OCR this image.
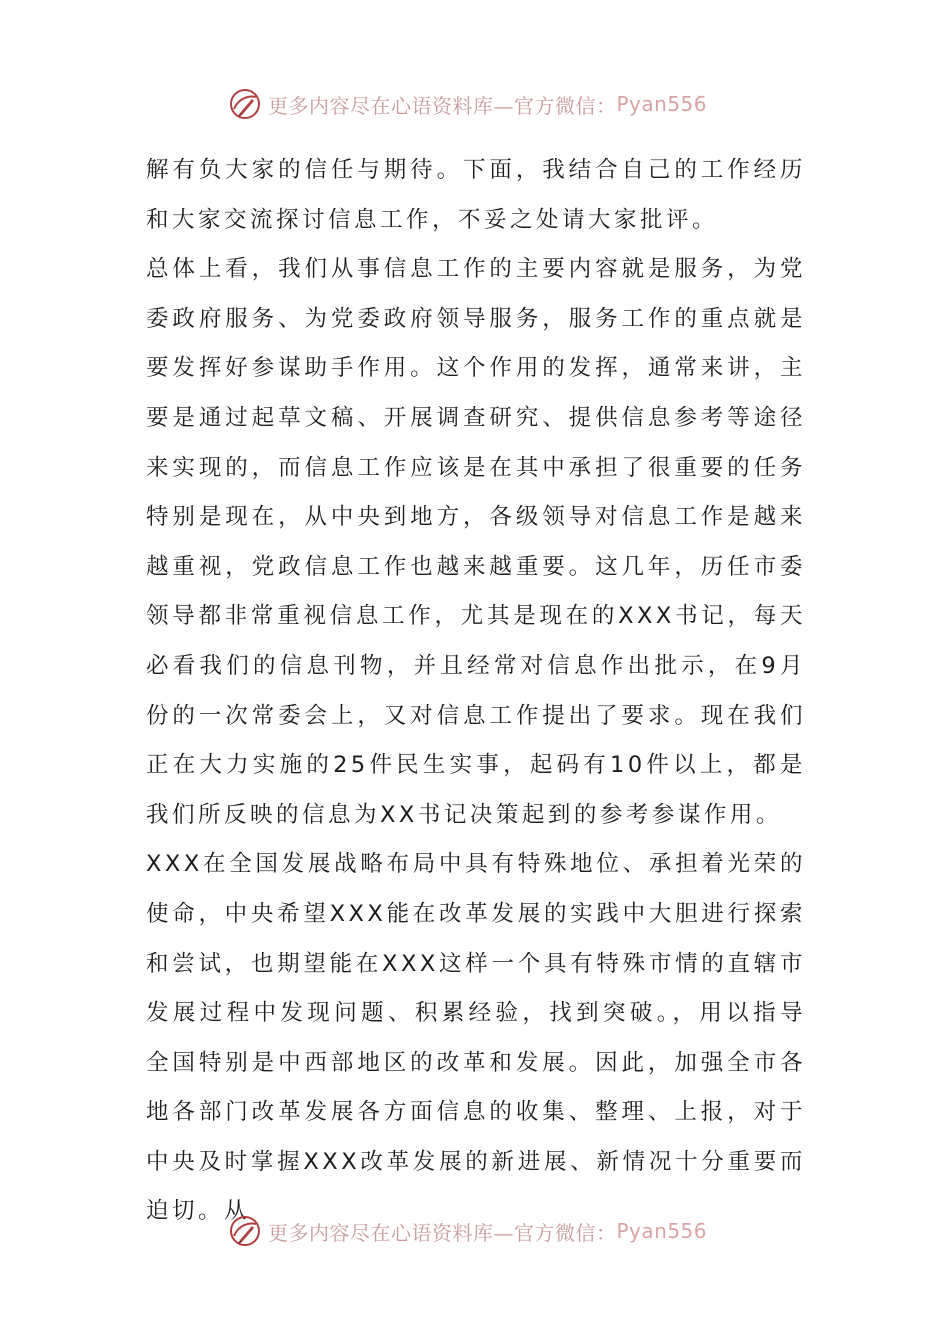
更多内容尽在心语资料库—官方微信： Pyan556

解有负大家的信任与期待。下面，我结合自己的工作经历和大家交流探讨信息工作，不妥之处请大家批评。

总体上看，我们从事信息工作的主要内容就是服务，为党委政府服务、为党委政府领导服务，服务工作的重点就是要发挥好参谋助手作用。这个作用的发挥，通常来讲，主要是通过起草文稿、开展调查研究、提供信息参考等途径来实现的，而信息工作应该是在其中承担了很重要的任务特别是现在，从中央到地方，各级领导对信息工作是越来越重视，党政信息工作也越来越重要。这几年，历任市委领导都非常重视信息工作，尤其是现在的XXX书记，每天必看我们的信息刊物，并且经常对信息作出批示，在9月份的一次常委会上，又对信息工作提出了要求。现在我们正在大力实施的25件民生实事，起码有10件以上，都是我们所反映的信息为XX书记决策起到的参考参谋作用。

XXX在全国发展战略布局中具有特殊地位、承担着光荣的使命，中央希望XXX能在改革发展的实践中大胆进行探索和尝试，也期望能在XXX这样一个具有特殊市情的直辖市发展过程中发现问题、积累经验，找到突破。，用以指导全国特别是中西部地区的改革和发展。因此，加强全市各地各部门改革发展各方面信息的收集、整理、上报，对于中央及时掌握XXX改革发展的新进展、新情况十分重要而迫切。从

更多内容尽在心语资料库—官方微信： Pyan556
